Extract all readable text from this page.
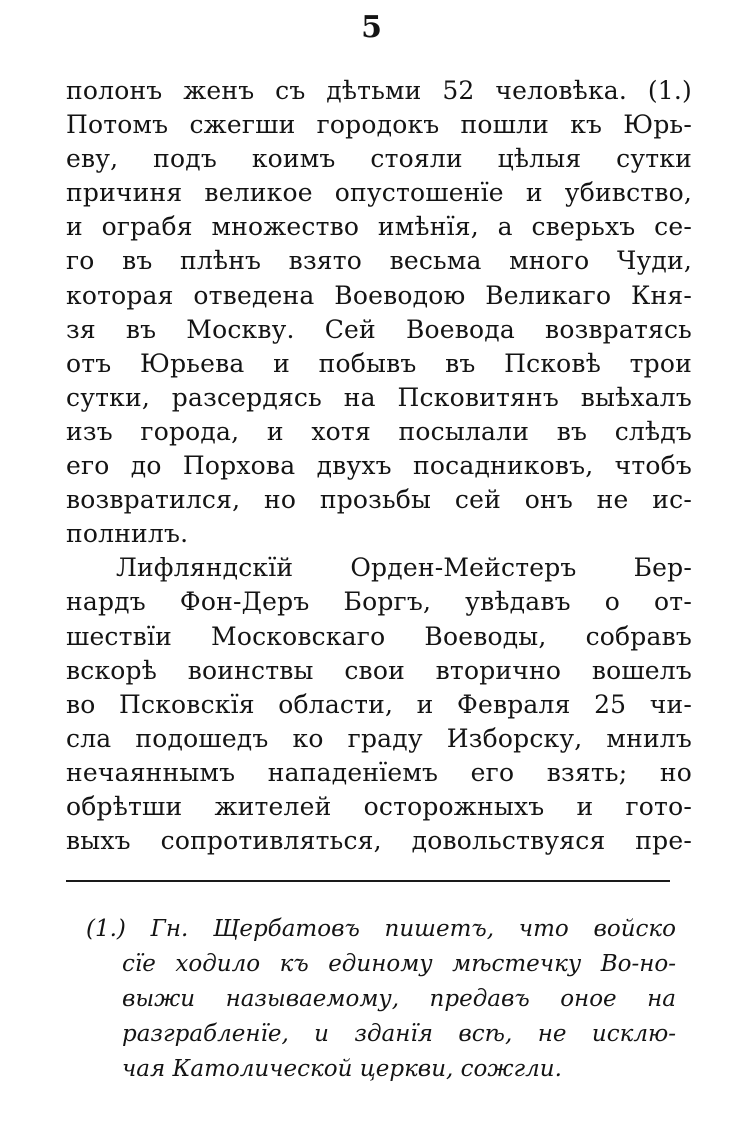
5
полонъ женъ съ дѣтьми 52 человѣка. (1.)
Потомъ сжегши городокъ пошли къ Юрь-
еву, подъ коимъ стояли цѣлыя сутки
причиня великое опустошенїе и убивство,
и ограбя множество имѣнїя, а сверьхъ се-
го въ плѣнъ взято весьма много Чуди,
которая отведена Воеводою Великаго Кня-
зя въ Москву. Сей Воевода возвратясь
отъ Юрьева и побывъ въ Псковѣ трои
сутки, разсердясь на Псковитянъ выѣхалъ
изъ города, и хотя посылали въ слѣдъ
его до Порхова двухъ посадниковъ, чтобъ
возвратился, но прозьбы сей онъ не ис-
полнилъ.
Лифляндскїй Орден-Мейстеръ Бер-
нардъ Фон-Деръ Боргъ, увѣдавъ о от-
шествїи Московскаго Воеводы, собравъ
вскорѣ воинствы свои вторично вошелъ
во Псковскїя области, и Февраля 25 чи-
сла подошедъ ко граду Изборску, мнилъ
нечаяннымъ нападенїемъ его взять; но
обрѣтши жителей осторожныхъ и гото-
выхъ сопротивляться, довольствуяся пре-
(1.) Гн. Щербатовъ пишетъ, что войско
сїе ходило къ единому мѣстечку Во-но-
выжи называемому, предавъ оное на
разграбленїе, и зданїя всѣ, не исклю-
чая Католической церкви, сожгли.
